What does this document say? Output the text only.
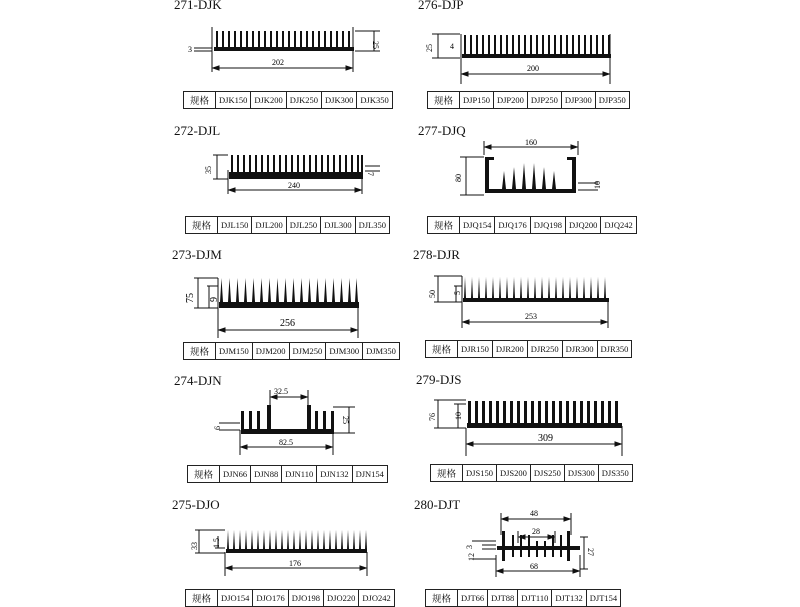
271-DJK
3	25
202
规格	DJK150	DJK200	DJK250	DJK300	DJK350
276-DJP
25 4
200
规格	DJP150	DJP200	DJP250	DJP300	DJP350
272-DJL
35	7
240
规格	DJL150	DJL200	DJL250	DJL300	DJL350
277-DJQ
160
80
10
规格	DJQ154	DJQ176	DJQ198	DJQ200	DJQ242
273-DJM
75 9
256
规格	DJM150	DJM200	DJM250	DJM300	DJM350
278-DJR
50 5
253
规格	DJR150	DJR200	DJR250	DJR300	DJR350
274-DJN
32.5
6
25
82.5
规格	DJN66	DJN88	DJN110	DJN132	DJN154
279-DJS
76 10
309
规格	DJS150	DJS200	DJS250	DJS300	DJS350
275-DJO
33 1.5
176
规格	DJO154	DJO176	DJO198	DJO220	DJO242
280-DJT
48
28
12
3
27
68
规格	DJT66	DJT88	DJT110	DJT132	DJT154
